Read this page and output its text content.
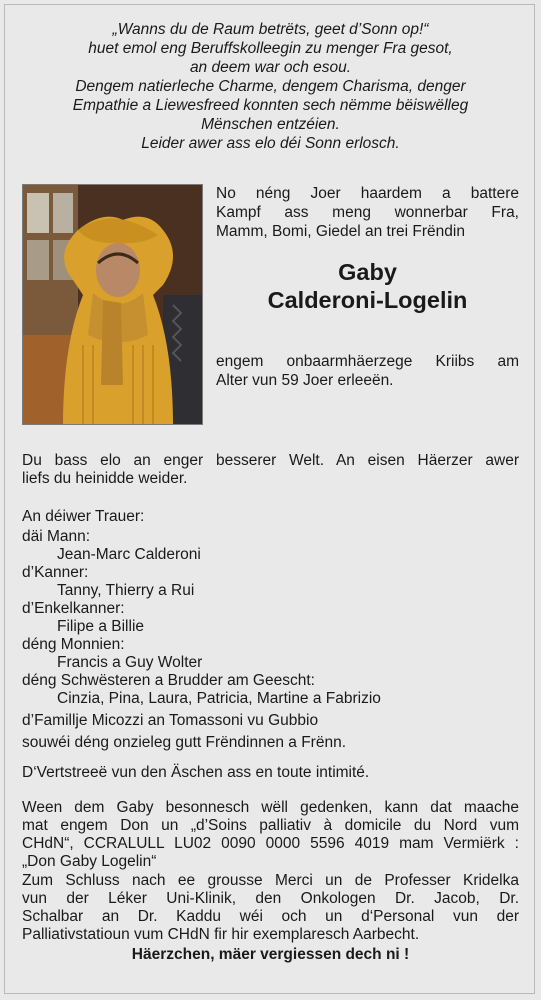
„Wanns du de Raum betrëts, geet d’Sonn op!“
huet emol eng Beruffskolleegin zu menger Fra gesot,
an deem war och esou.
Dengem natierleche Charme, dengem Charisma, denger
Empathie a Liewesfreed konnten sech nëmme bëiswëlleg
Mënschen entzéien.
Leider awer ass elo déi Sonn erlosch.
No néng Joer haardem a battere
Kampf ass meng wonnerbar Fra,
Mamm, Bomi, Giedel an trei Frëndin
Gaby
Calderoni-Logelin
engem onbaarmhäerzege Kriibs am
Alter vun 59 Joer erleeën.
Du bass elo an enger besserer Welt. An eisen Häerzer awer
liefs du heinidde weider.
An déiwer Trauer:
däi Mann:
Jean-Marc Calderoni
d’Kanner:
Tanny, Thierry a Rui
d’Enkelkanner:
Filipe a Billie
déng Monnien:
Francis a Guy Wolter
déng Schwësteren a Brudder am Geescht:
Cinzia, Pina, Laura, Patricia, Martine a Fabrizio
d’Famillje Micozzi an Tomassoni vu Gubbio
souwéi déng onzieleg gutt Frëndinnen a Frënn.
D‘Vertstreeë vun den Äschen ass en toute intimité.
Ween dem Gaby besonnesch wëll gedenken, kann dat maache
mat engem Don un „d’Soins palliativ à domicile du Nord vum
CHdN“, CCRALULL LU02 0090 0000 5596 4019 mam Vermiërk :
„Don Gaby Logelin“
Zum Schluss nach ee grousse Merci un de Professer Kridelka
vun der Léker Uni-Klinik, den Onkologen Dr. Jacob, Dr.
Schalbar an Dr. Kaddu wéi och un d‘Personal vun der
Palliativstatioun vum CHdN fir hir exemplaresch Aarbecht.
Häerzchen, mäer vergiessen dech ni !
